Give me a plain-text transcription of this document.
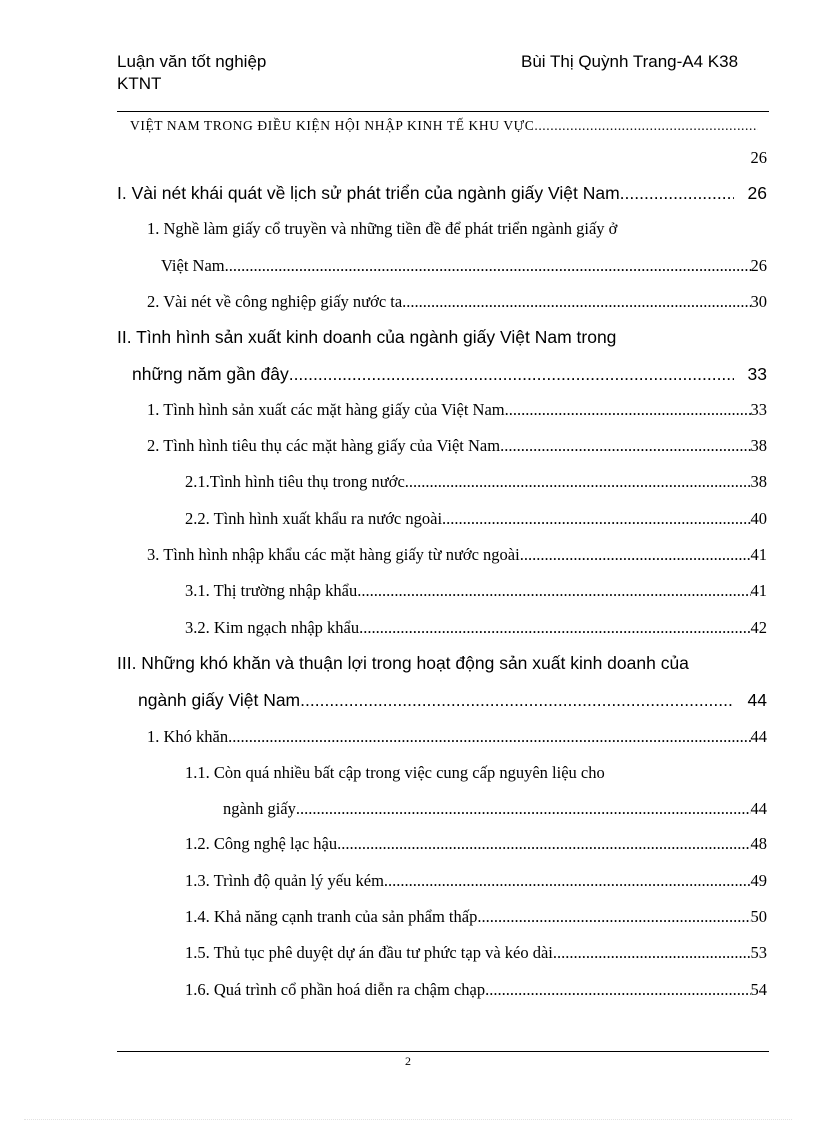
Luận văn tốt nghiệp
KTNT
Bùi Thị Quỳnh Trang-A4 K38
VIỆT NAM TRONG ĐIỀU KIỆN HỘI NHẬP KINH TẾ KHU VỰC
.....
26
I. Vài nét khái quát về lịch sử phát triển của ngành giấy Việt Nam .....	26
1. Nghề làm giấy cổ truyền và những tiền đề để phát triển ngành giấy ở
Việt Nam .....	26
2. Vài nét về công nghiệp giấy nước ta .....	30
II. Tình hình sản xuất kinh doanh của ngành giấy Việt Nam trong
những năm gần đây .....	33
1. Tình hình sản xuất các mặt hàng giấy của Việt Nam .....	33
2. Tình hình tiêu thụ các mặt hàng giấy của Việt Nam .....	38
2.1.Tình hình tiêu thụ trong nước .....	38
2.2. Tình hình xuất khẩu ra nước ngoài .....	40
3. Tình hình nhập khẩu các mặt hàng giấy từ nước ngoài .....	41
3.1. Thị trường nhập khẩu .....	41
3.2. Kim ngạch nhập khẩu .....	42
III. Những khó khăn và thuận lợi trong hoạt động sản xuất kinh doanh của
ngành giấy Việt Nam .....	44
1. Khó khăn .....	44
1.1. Còn quá nhiều bất cập trong việc cung cấp nguyên liệu cho
ngành giấy .....	44
1.2. Công nghệ lạc hậu .....	48
1.3. Trình độ quản lý yếu kém .....	49
1.4. Khả năng cạnh tranh của sản phẩm thấp .....	50
1.5. Thủ tục phê duyệt dự án đầu tư phức tạp và kéo dài .....	53
1.6. Quá trình cổ phần hoá diễn ra chậm chạp .....	54
2
